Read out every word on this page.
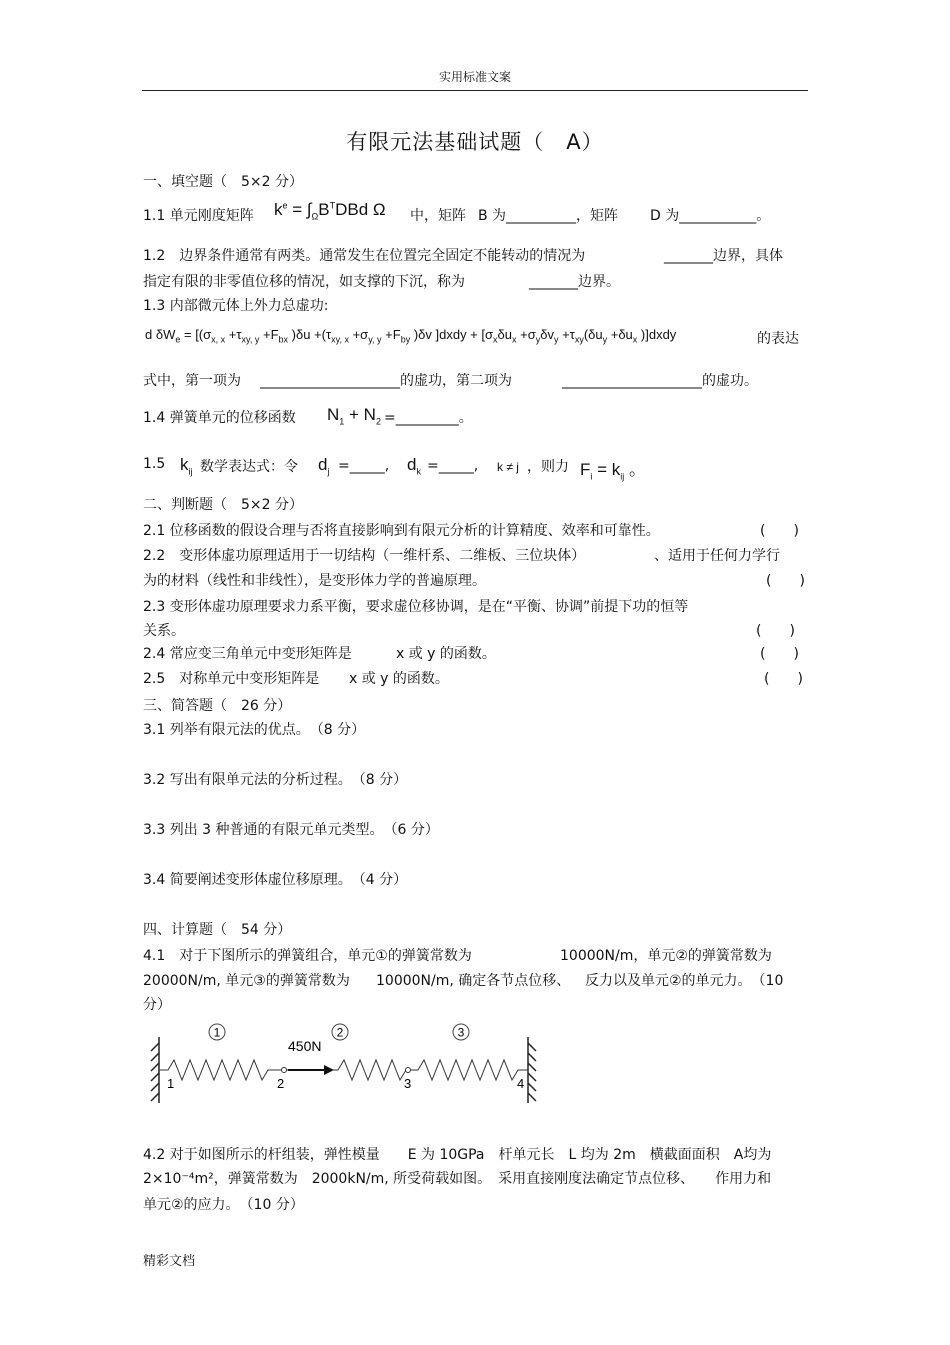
实用标准文案
有限元法基础试题（　A）
一、填空题（　5×2 分）
1.1 单元刚度矩阵 $k^e = \int_\Omega B^TDBd$ Ω 中，矩阵 B 为__________，矩阵 D 为___________。
1.2　边界条件通常有两类。通常发生在位置完全固定不能转动的情况为	_______边界，具体
指定有限的非零值位移的情况，如支撑的下沉，称为	_______边界。
1.3 内部微元体上外力总虚功:
d $\delta W_e = [(\sigma_{x, x} +\tau_{xy, y} +F_{bx}$ )$\delta u +(\tau_{xy, x} +\sigma_{y, y} +F_{by}$ )δv ]dxdy + [$\sigma_x\delta u_x +\sigma_y\delta v_y +\tau_{xy}(\delta u_y +\delta u_x$ )]dxdy	的表达
式中，第一项为 ____________________的虚功，第二项为	____________________的虚功。
1.4 弹簧单元的位移函数 $N_1 + N_2$ =_________。
1.5 $k_{ij}$ 数学表达式：令 $d_j$ =_____, $d_k$ =_____, k ≠ j ，则力 $F_i = k_{ij}$ 。
二、判断题（　5×2 分）
2.1 位移函数的假设合理与否将直接影响到有限元分析的计算精度、效率和可靠性。	(　　)
2.2　变形体虚功原理适用于一切结构（一维杆系、二维板、三位块体）	、适用于任何力学行
为的材料（线性和非线性），是变形体力学的普遍原理。	(　　)
2.3 变形体虚功原理要求力系平衡，要求虚位移协调，是在“平衡、协调”前提下功的恒等
关系。	(　　)
2.4 常应变三角单元中变形矩阵是	x 或 y 的函数。	(　　)
2.5　对称单元中变形矩阵是 x 或 y 的函数。	(　　)
三、简答题（　26 分）
3.1 列举有限元法的优点。　（8 分）
3.2 写出有限单元法的分析过程。　（8 分）
3.3 列出 3 种普通的有限元单元类型。　（6 分）
3.4 简要阐述变形体虚位移原理。　（4 分）
四、计算题（　54 分）
4.1　对于下图所示的弹簧组合，单元①的弹簧常数为	10000N/m，单元②的弹簧常数为
20000N/m, 单元③的弹簧常数为 10000N/m, 确定各节点位移、 反力以及单元②的单元力。　（10
分）
1	2	3
450N
1	2	3	4
4.2 对于如图所示的杆组装，弹性模量　　E 为 10GPa　杆单元长　L 均为 2m　横截面面积　A均为
2×10⁻⁴m²，弹簧常数为　2000kN/m, 所受荷载如图。　采用直接刚度法确定节点位移、　　作用力和
单元②的应力。　（10 分）
精彩文档
